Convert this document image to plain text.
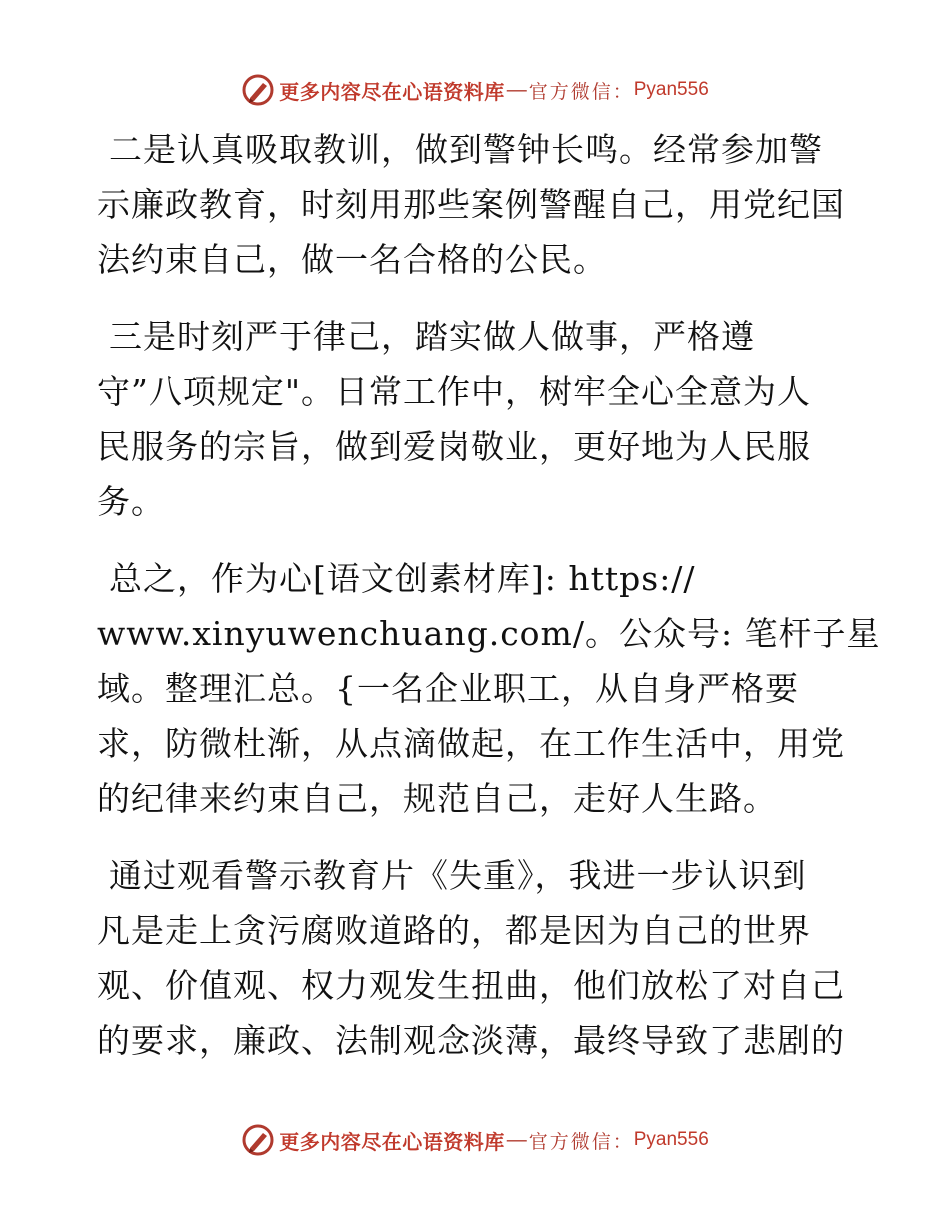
更多内容尽在心语资料库 — 官方微信： Pyan556

二是认真吸取教训，做到警钟长鸣。经常参加警
示廉政教育，时刻用那些案例警醒自己，用党纪国
法约束自己，做一名合格的公民。

三是时刻严于律己，踏实做人做事，严格遵
守”八项规定"。日常工作中，树牢全心全意为人
民服务的宗旨，做到爱岗敬业，更好地为人民服
务。

总之，作为心[语文创素材库]: https://
www.xinyuwenchuang.com/。公众号: 笔杆子星
域。整理汇总。{一名企业职工，从自身严格要
求，防微杜渐，从点滴做起，在工作生活中，用党
的纪律来约束自己，规范自己，走好人生路。

通过观看警示教育片《失重》，我进一步认识到
凡是走上贪污腐败道路的，都是因为自己的世界
观、价值观、权力观发生扭曲，他们放松了对自己
的要求，廉政、法制观念淡薄，最终导致了悲剧的

更多内容尽在心语资料库 — 官方微信： Pyan556
